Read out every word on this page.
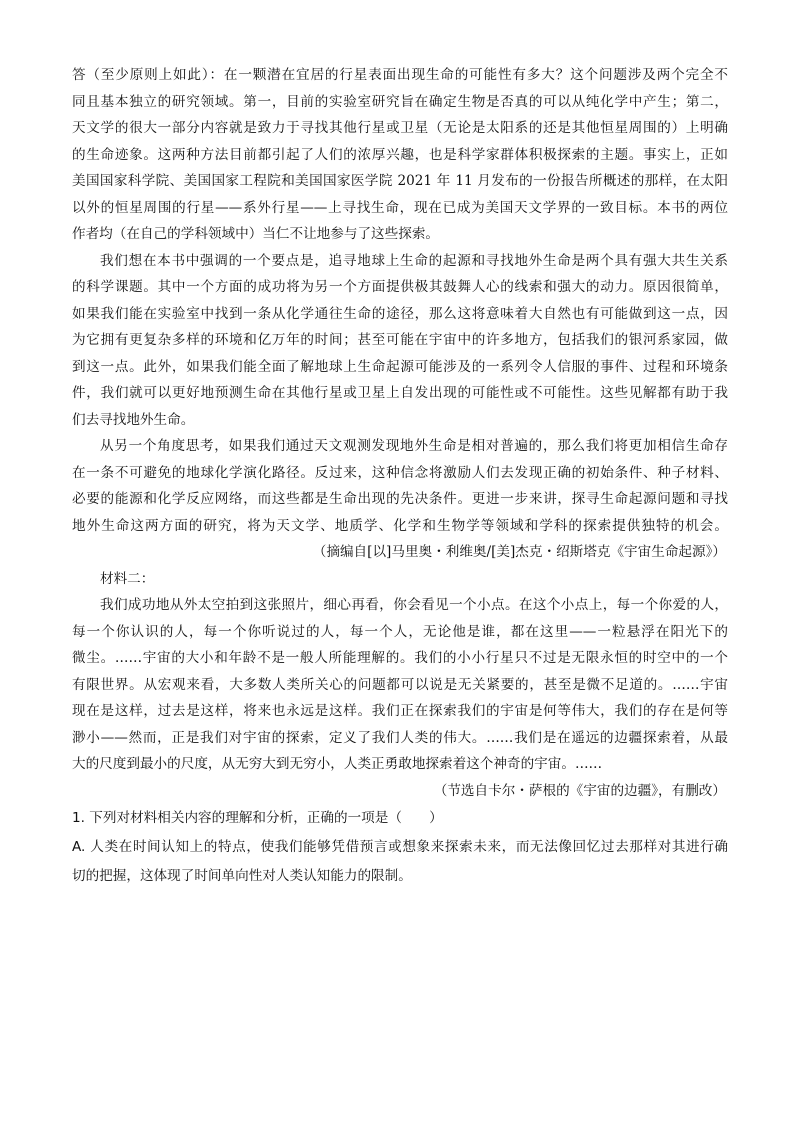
答（至少原则上如此）：在一颗潜在宜居的行星表面出现生命的可能性有多大？这个问题涉及两个完全不
同且基本独立的研究领域。第一，目前的实验室研究旨在确定生物是否真的可以从纯化学中产生；第二，
天文学的很大一部分内容就是致力于寻找其他行星或卫星（无论是太阳系的还是其他恒星周围的）上明确
的生命迹象。这两种方法目前都引起了人们的浓厚兴趣，也是科学家群体积极探索的主题。事实上，正如
美国国家科学院、美国国家工程院和美国国家医学院 2021 年 11 月发布的一份报告所概述的那样，在太阳
以外的恒星周围的行星——系外行星——上寻找生命，现在已成为美国天文学界的一致目标。本书的两位
作者均（在自己的学科领域中）当仁不让地参与了这些探索。
我们想在本书中强调的一个要点是，追寻地球上生命的起源和寻找地外生命是两个具有强大共生关系
的科学课题。其中一个方面的成功将为另一个方面提供极其鼓舞人心的线索和强大的动力。原因很简单，
如果我们能在实验室中找到一条从化学通往生命的途径，那么这将意味着大自然也有可能做到这一点，因
为它拥有更复杂多样的环境和亿万年的时间；甚至可能在宇宙中的许多地方，包括我们的银河系家园，做
到这一点。此外，如果我们能全面了解地球上生命起源可能涉及的一系列令人信服的事件、过程和环境条
件，我们就可以更好地预测生命在其他行星或卫星上自发出现的可能性或不可能性。这些见解都有助于我
们去寻找地外生命。
从另一个角度思考，如果我们通过天文观测发现地外生命是相对普遍的，那么我们将更加相信生命存
在一条不可避免的地球化学演化路径。反过来，这种信念将激励人们去发现正确的初始条件、种子材料、
必要的能源和化学反应网络，而这些都是生命出现的先决条件。更进一步来讲，探寻生命起源问题和寻找
地外生命这两方面的研究，将为天文学、地质学、化学和生物学等领域和学科的探索提供独特的机会。
（摘编自[以]马里奥・利维奥/[美]杰克・绍斯塔克《宇宙生命起源》）
材料二：
我们成功地从外太空拍到这张照片，细心再看，你会看见一个小点。在这个小点上，每一个你爱的人，
每一个你认识的人，每一个你听说过的人，每一个人，无论他是谁，都在这里——一粒悬浮在阳光下的
微尘。……宇宙的大小和年龄不是一般人所能理解的。我们的小小行星只不过是无限永恒的时空中的一个
有限世界。从宏观来看，大多数人类所关心的问题都可以说是无关紧要的，甚至是微不足道的。……宇宙
现在是这样，过去是这样，将来也永远是这样。我们正在探索我们的宇宙是何等伟大，我们的存在是何等
渺小——然而，正是我们对宇宙的探索，定义了我们人类的伟大。……我们是在遥远的边疆探索着，从最
大的尺度到最小的尺度，从无穷大到无穷小，人类正勇敢地探索着这个神奇的宇宙。……
（节选自卡尔・萨根的《宇宙的边疆》，有删改）
1. 下列对材料相关内容的理解和分析，正确的一项是（　　）
A. 人类在时间认知上的特点，使我们能够凭借预言或想象来探索未来，而无法像回忆过去那样对其进行确
切的把握，这体现了时间单向性对人类认知能力的限制。
